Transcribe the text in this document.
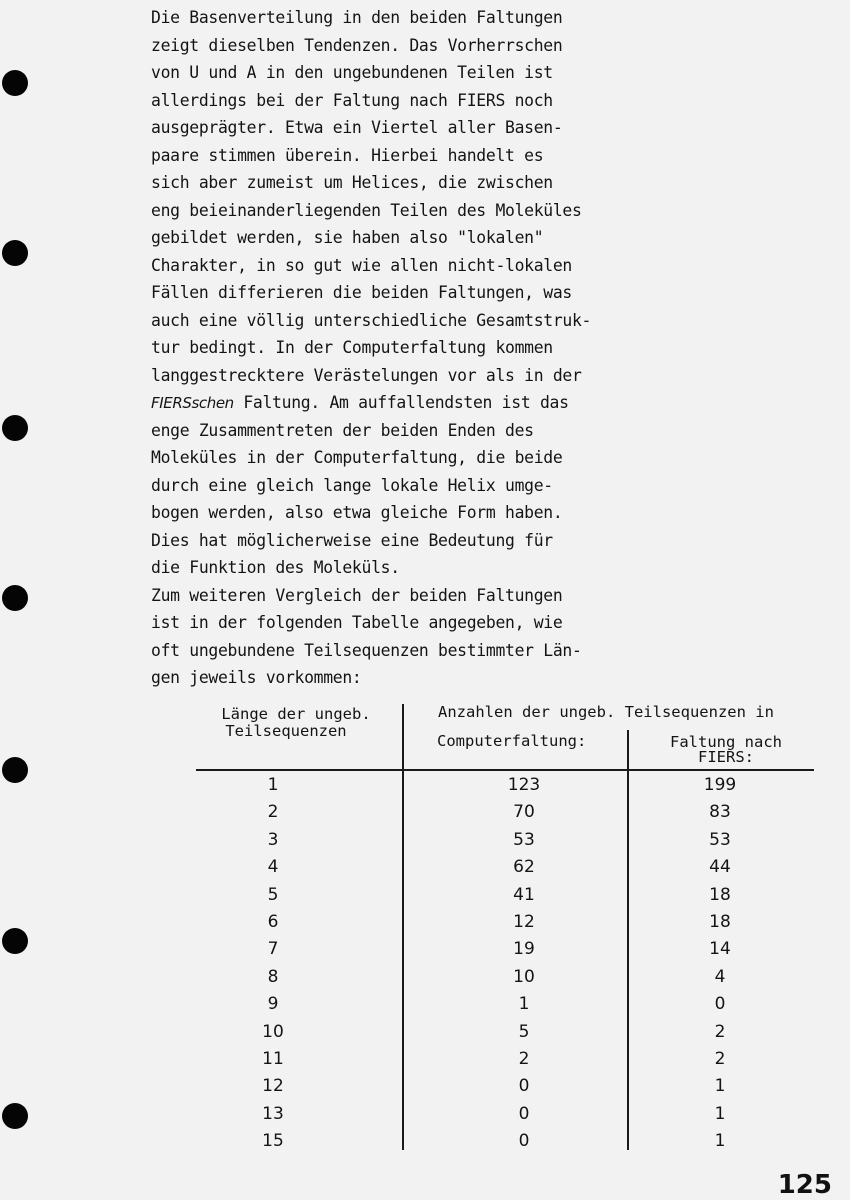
Die Basenverteilung in den beiden Faltungen
zeigt dieselben Tendenzen. Das Vorherrschen
von U und A in den ungebundenen Teilen ist
allerdings bei der Faltung nach FIERS noch
ausgeprägter. Etwa ein Viertel aller Basen-
paare stimmen überein. Hierbei handelt es
sich aber zumeist um Helices, die zwischen
eng beieinanderliegenden Teilen des Moleküles
gebildet werden, sie haben also "lokalen"
Charakter, in so gut wie allen nicht-lokalen
Fällen differieren die beiden Faltungen, was
auch eine völlig unterschiedliche Gesamtstruk-
tur bedingt. In der Computerfaltung kommen
langgestrecktere Verästelungen vor als in der
FIERSschen Faltung. Am auffallendsten ist das
enge Zusammentreten der beiden Enden des
Moleküles in der Computerfaltung, die beide
durch eine gleich lange lokale Helix umge-
bogen werden, also etwa gleiche Form haben.
Dies hat möglicherweise eine Bedeutung für
die Funktion des Moleküls.
Zum weiteren Vergleich der beiden Faltungen
ist in der folgenden Tabelle angegeben, wie
oft ungebundene Teilsequenzen bestimmter Län-
gen jeweils vorkommen:
Länge der ungeb.
Teilsequenzen
Anzahlen der ungeb. Teilsequenzen in
Computerfaltung:	Faltung nach
FIERS:
1	123	199
2	70	83
3	53	53
4	62	44
5	41	18
6	12	18
7	19	14
8	10	4
9	1	0
10	5	2
11	2	2
12	0	1
13	0	1
15	0	1
125
